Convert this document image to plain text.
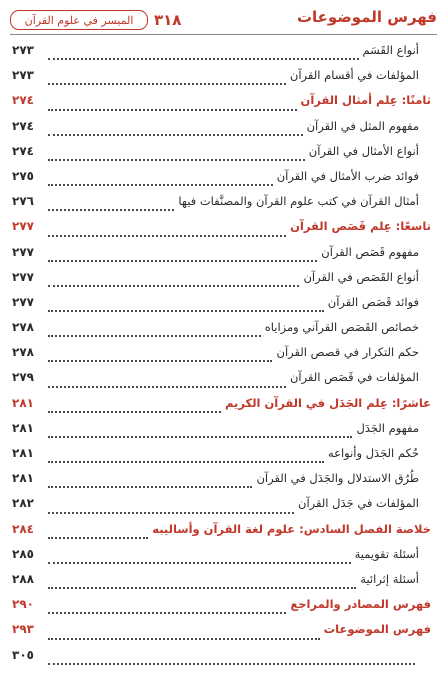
فهرس الموضوعات
٣١٨
الميسر في علوم القرآن
أنواع القَسَم
٢٧٣
المؤلفات في أقسام القرآن
٢٧٣
ثامنًا: عِلم أمثال القرآن
٢٧٤
مفهوم المثل في القرآن
٢٧٤
أنواع الأمثال في القرآن
٢٧٤
فوائد ضرب الأمثال في القرآن
٢٧٥
أمثال القرآن في كتب علوم القرآن والمصنَّفات فيها
٢٧٦
تاسعًا: عِلم قَصَص القرآن
٢٧٧
مفهوم قَصَص القرآن
٢٧٧
أنواع القَصَص في القرآن
٢٧٧
فوائد قَصَص القرآن
٢٧٧
خصائص القَصَص القرآني ومزاياه
٢٧٨
حكم التكرار في قصص القرآن
٢٧٨
المؤلفات في قَصَص القرآن
٢٧٩
عاشرًا: عِلم الجَدَل في القرآن الكريم
٢٨١
مفهوم الجَدَل
٢٨١
حُكم الجَدَل وأنواعه
٢٨١
طُرُق الاستدلال والجَدَل في القرآن
٢٨١
المؤلفات في جَدَل القرآن
٢٨٢
خلاصة الفصل السادس: علوم لغة القرآن وأساليبه
٢٨٤
أسئلة تقويمية
٢٨٥
أسئلة إثرائية
٢٨٨
فهرس المصادر والمراجع
٢٩٠
فهرس الموضوعات
٢٩٣
٣٠٥
